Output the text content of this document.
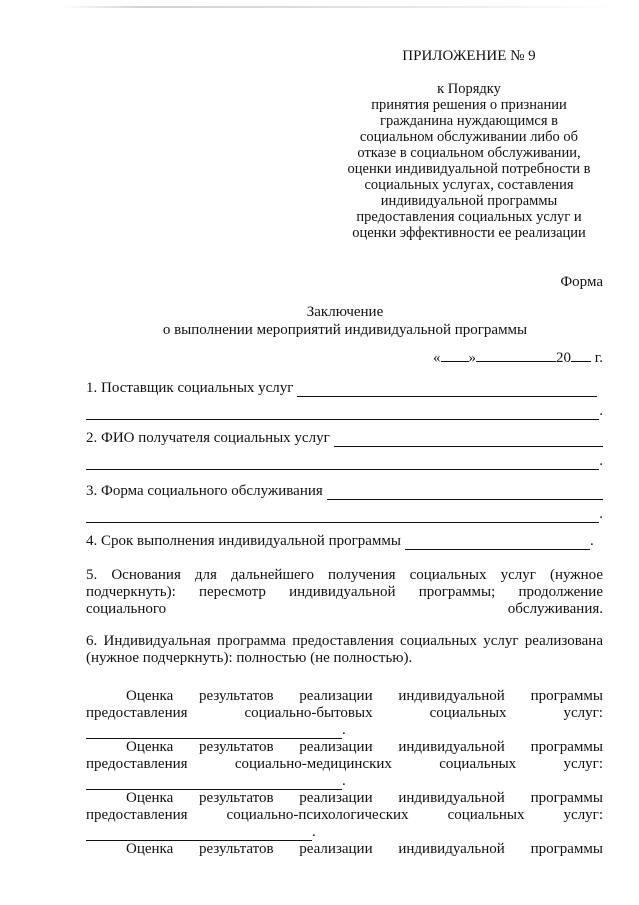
ПРИЛОЖЕНИЕ № 9
к Порядку
принятия решения о признании
гражданина нуждающимся в
социальном обслуживании либо об
отказе в социальном обслуживании,
оценки индивидуальной потребности в
социальных услугах, составления
индивидуальной программы
предоставления социальных услуг и
оценки эффективности ее реализации
Форма
Заключение
о выполнении мероприятий индивидуальной программы
« »	20 г.
1. Поставщик социальных услуг
.
2. ФИО получателя социальных услуг
.
3. Форма социального обслуживания
.
4. Срок выполнения индивидуальной программы	.
5. Основания для дальнейшего получения социальных услуг (нужное подчеркнуть): пересмотр индивидуальной программы; продолжение социального обслуживания.
6. Индивидуальная программа предоставления социальных услуг реализована (нужное подчеркнуть): полностью (не полностью).
Оценка результатов реализации индивидуальной программы
предоставления	социально-бытовых	социальных	услуг:
.
Оценка результатов реализации индивидуальной программы
предоставления	социально-медицинских	социальных	услуг:
.
Оценка результатов реализации индивидуальной программы
предоставления	социально-психологических	социальных	услуг:
.
Оценка результатов реализации индивидуальной программы
